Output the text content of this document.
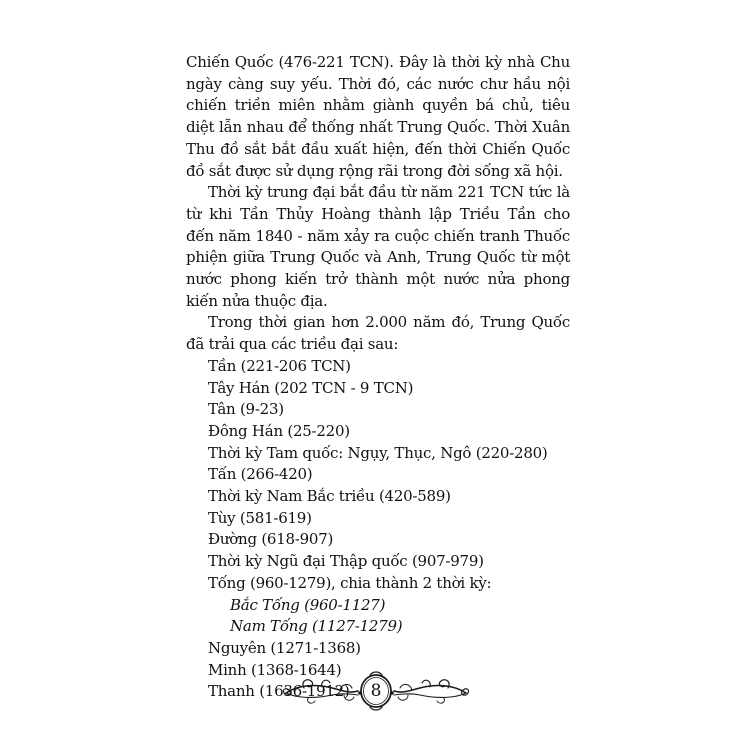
Chiến Quốc (476-221 TCN). Đây là thời kỳ nhà Chu ngày càng suy yếu. Thời đó, các nước chư hầu nội chiến triền miên nhằm giành quyền bá chủ, tiêu diệt lẫn nhau để thống nhất Trung Quốc. Thời Xuân Thu đồ sắt bắt đầu xuất hiện, đến thời Chiến Quốc đồ sắt được sử dụng rộng rãi trong đời sống xã hội.

Thời kỳ trung đại bắt đầu từ năm 221 TCN tức là từ khi Tần Thủy Hoàng thành lập Triều Tần cho đến năm 1840 - năm xảy ra cuộc chiến tranh Thuốc phiện giữa Trung Quốc và Anh, Trung Quốc từ một nước phong kiến trở thành một nước nửa phong kiến nửa thuộc địa.

Trong thời gian hơn 2.000 năm đó, Trung Quốc đã trải qua các triều đại sau:

Tần (221-206 TCN)
Tây Hán (202 TCN - 9 TCN)
Tân (9-23)
Đông Hán (25-220)
Thời kỳ Tam quốc: Ngụy, Thục, Ngô (220-280)
Tấn (266-420)
Thời kỳ Nam Bắc triều (420-589)
Tùy (581-619)
Đường (618-907)
Thời kỳ Ngũ đại Thập quốc (907-979)
Tống (960-1279), chia thành 2 thời kỳ:
Bắc Tống (960-1127)
Nam Tống (1127-1279)
Nguyên (1271-1368)
Minh (1368-1644)
Thanh (1636-1912)	8
